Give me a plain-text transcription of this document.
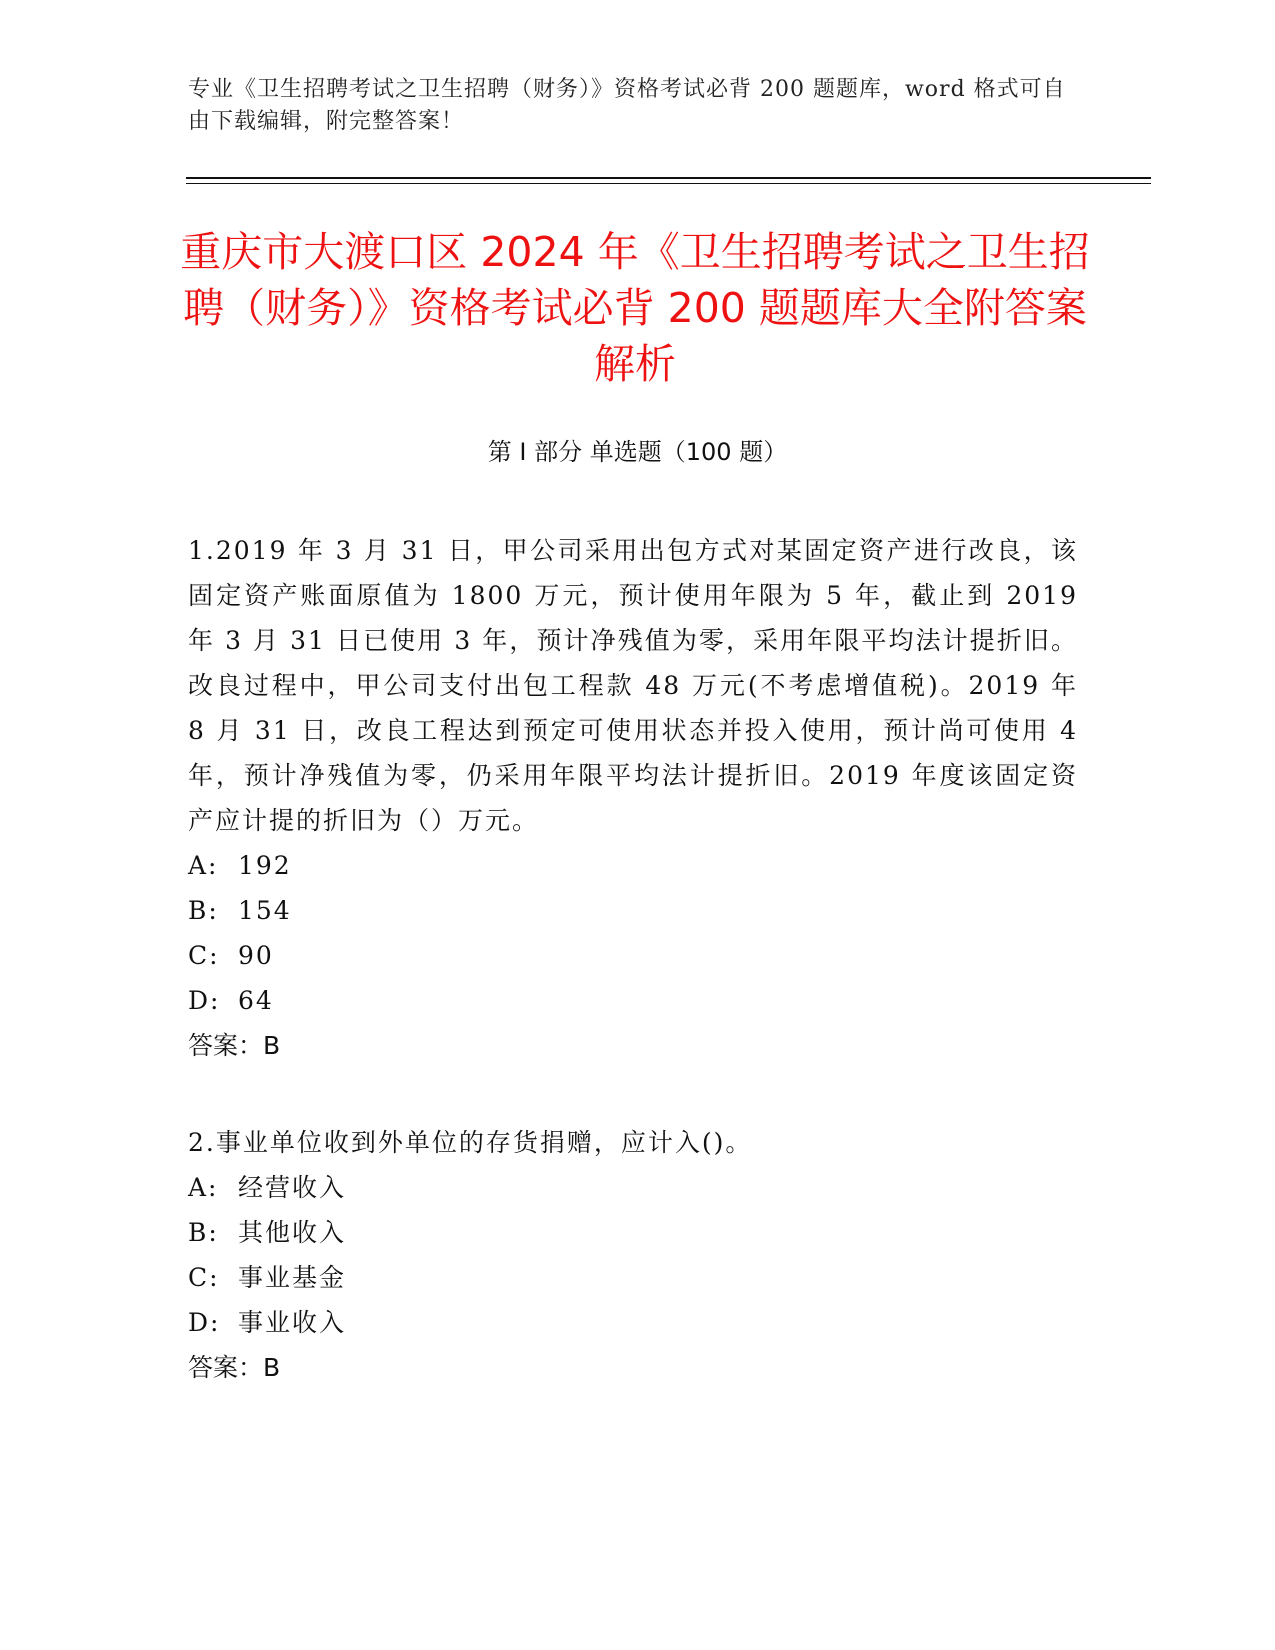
专业《卫生招聘考试之卫生招聘（财务）》资格考试必背 200 题题库，word 格式可自由下载编辑，附完整答案！
重庆市大渡口区 2024 年《卫生招聘考试之卫生招聘（财务）》资格考试必背 200 题题库大全附答案解析
第 I 部分 单选题（100 题）

1.2019 年 3 月 31 日，甲公司采用出包方式对某固定资产进行改良，该固定资产账面原值为 1800 万元，预计使用年限为 5 年，截止到 2019 年 3 月 31 日已使用 3 年，预计净残值为零，采用年限平均法计提折旧。改良过程中，甲公司支付出包工程款 48 万元(不考虑增值税)。2019 年 8 月 31 日，改良工程达到预定可使用状态并投入使用，预计尚可使用 4 年，预计净残值为零，仍采用年限平均法计提折旧。2019 年度该固定资产应计提的折旧为（）万元。

A: 192
B: 154
C: 90
D: 64

答案：B

2.事业单位收到外单位的存货捐赠，应计入()。

A: 经营收入
B: 其他收入
C: 事业基金
D: 事业收入

答案：B
